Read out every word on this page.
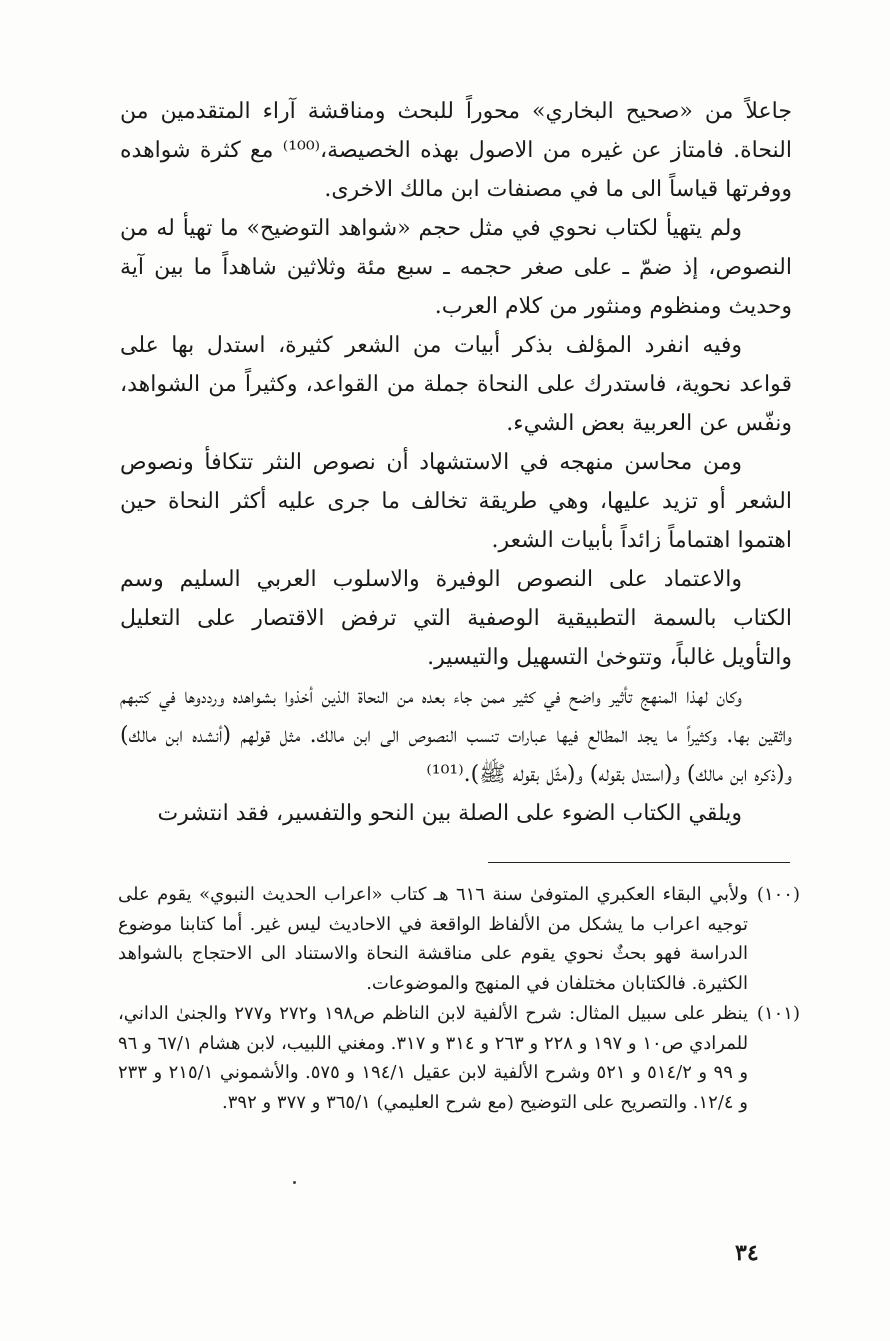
جاعلاً من «صحيح البخاري» محوراً للبحث ومناقشة آراء المتقدمين من النحاة. فامتاز عن غيره من الاصول بهذه الخصيصة،⁽¹⁰⁰⁾ مع كثرة شواهده ووفرتها قياساً الى ما في مصنفات ابن مالك الاخرى.

ولم يتهيأ لكتاب نحوي في مثل حجم «شواهد التوضيح» ما تهيأ له من النصوص، إذ ضمّ ـ على صغر حجمه ـ سبع مئة وثلاثين شاهداً ما بين آية وحديث ومنظوم ومنثور من كلام العرب.

وفيه انفرد المؤلف بذكر أبيات من الشعر كثيرة، استدل بها على قواعد نحوية، فاستدرك على النحاة جملة من القواعد، وكثيراً من الشواهد، ونفّس عن العربية بعض الشيء.

ومن محاسن منهجه في الاستشهاد أن نصوص النثر تتكافأ ونصوص الشعر أو تزيد عليها، وهي طريقة تخالف ما جرى عليه أكثر النحاة حين اهتموا اهتماماً زائداً بأبيات الشعر.

والاعتماد على النصوص الوفيرة والاسلوب العربي السليم وسم الكتاب بالسمة التطبيقية الوصفية التي ترفض الاقتصار على التعليل والتأويل غالباً، وتتوخىٰ التسهيل والتيسير.

وكان لهذا المنهج تأثير واضح في كثير ممن جاء بعده من النحاة الذين أخذوا بشواهده ورددوها في كتبهم واثقين بها. وكثيراً ما يجد المطالع فيها عبارات تنسب النصوص الى ابن مالك. مثل قولهم (أنشده ابن مالك) و(ذكره ابن مالك) و(استدل بقوله) و(مثّل بقوله ﷺ).⁽¹⁰¹⁾

ويلقي الكتاب الضوء على الصلة بين النحو والتفسير، فقد انتشرت

(١٠٠)
ولأبي البقاء العكبري المتوفىٰ سنة ٦١٦ هـ كتاب «اعراب الحديث النبوي» يقوم على توجيه اعراب ما يشكل من الألفاظ الواقعة في الاحاديث ليس غير. أما كتابنا موضوع الدراسة فهو بحثٌ نحوي يقوم على مناقشة النحاة والاستناد الى الاحتجاج بالشواهد الكثيرة. فالكتابان مختلفان في المنهج والموضوعات.
(١٠١)
ينظر على سبيل المثال: شرح الألفية لابن الناظم ص١٩٨ و٢٧٢ و٢٧٧ والجنىٰ الداني، للمرادي ص١٠ و ١٩٧ و ٢٢٨ و ٢٦٣ و ٣١٤ و ٣١٧. ومغني اللبيب، لابن هشام ٦٧/١ و ٩٦ و ٩٩ و ٥١٤/٢ و ٥٢١ وشرح الألفية لابن عقيل ١٩٤/١ و ٥٧٥. والأشموني ٢١٥/١ و ٢٣٣ و ١٢/٤. والتصريح على التوضيح (مع شرح العليمي) ٣٦٥/١ و ٣٧٧ و ٣٩٢.
٣٤
